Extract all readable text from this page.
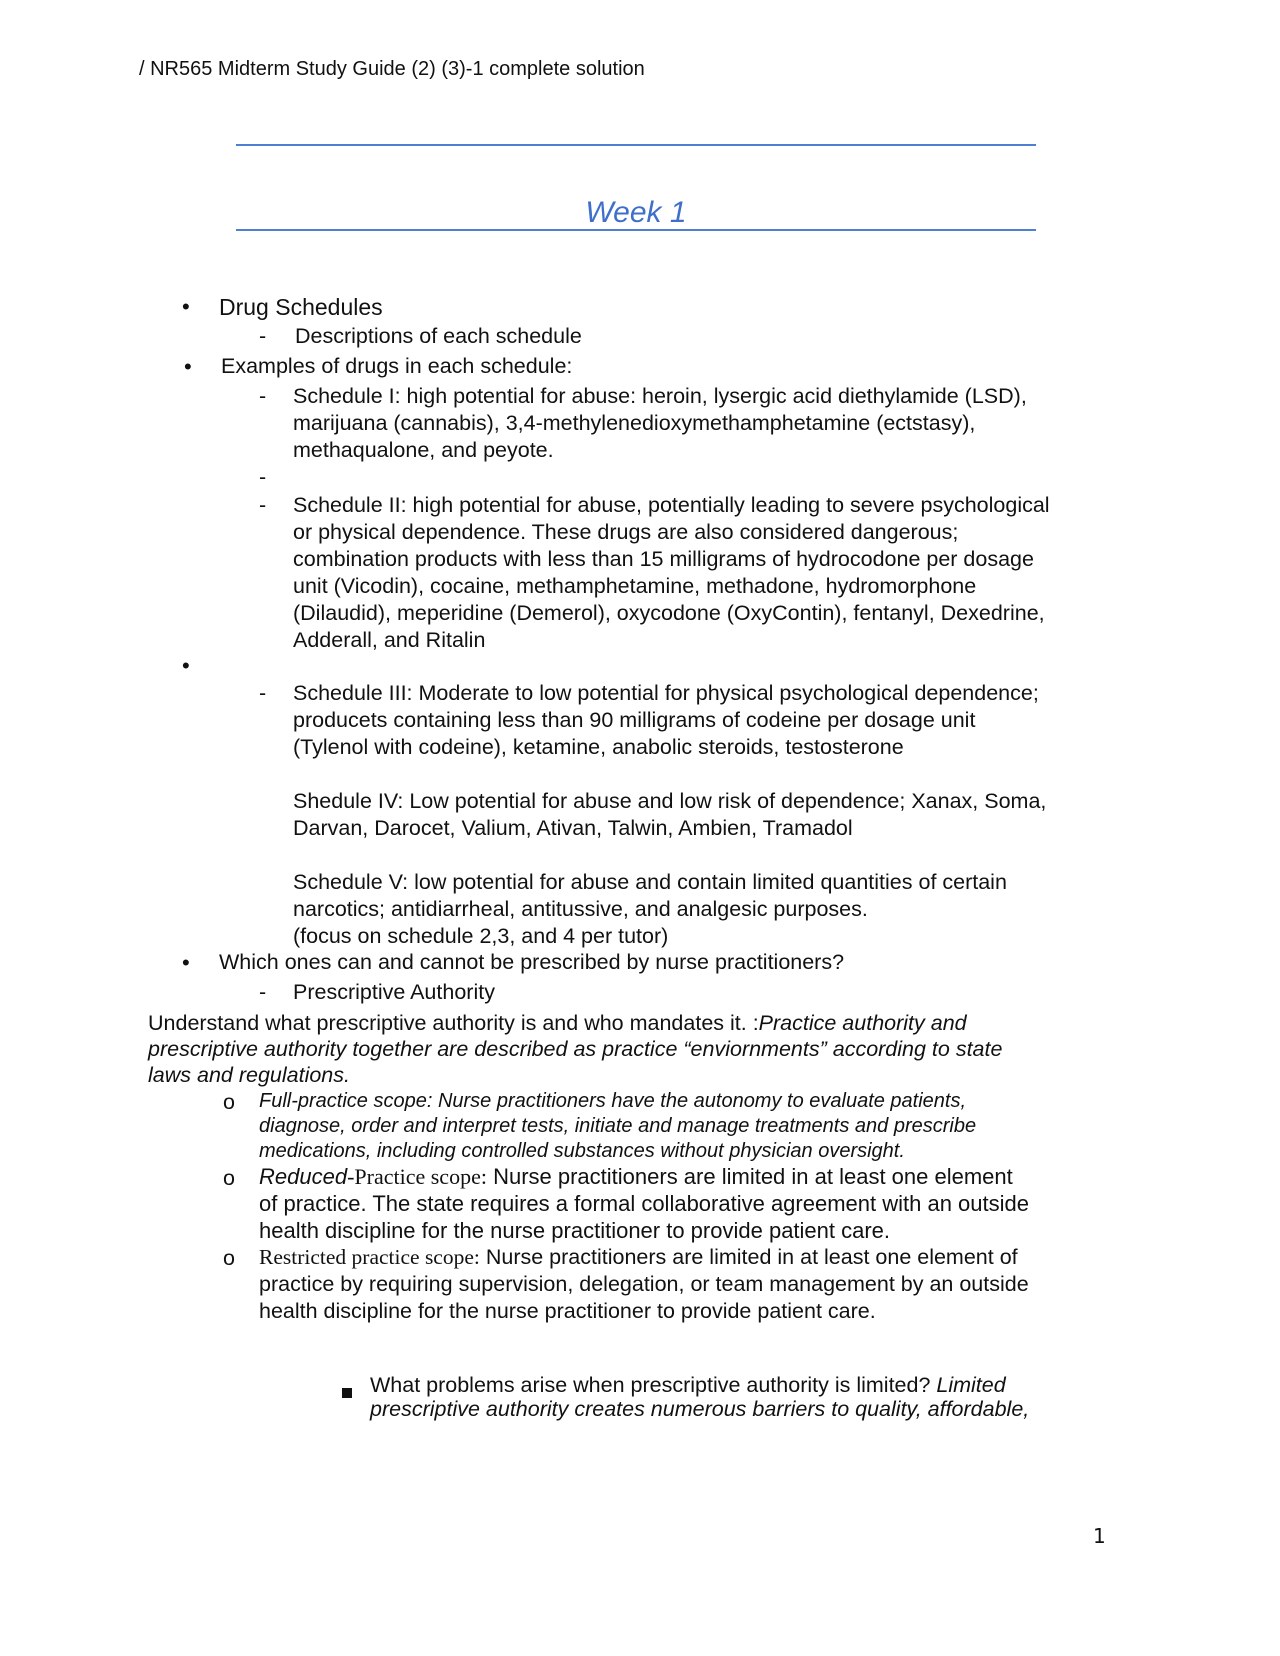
/ NR565 Midterm Study Guide (2) (3)-1 complete solution

Week 1

• Drug Schedules

- Descriptions of each schedule

• Examples of drugs in each schedule:

- Schedule I: high potential for abuse: heroin, lysergic acid diethylamide (LSD),
marijuana (cannabis), 3,4-methylenedioxymethamphetamine (ectstasy),
methaqualone, and peyote.
-
- Schedule II: high potential for abuse, potentially leading to severe psychological
or physical dependence. These drugs are also considered dangerous;
combination products with less than 15 milligrams of hydrocodone per dosage
unit (Vicodin), cocaine, methamphetamine, methadone, hydromorphone
(Dilaudid), meperidine (Demerol), oxycodone (OxyContin), fentanyl, Dexedrine,
Adderall, and Ritalin
•
- Schedule III: Moderate to low potential for physical psychological dependence;
producets containing less than 90 milligrams of codeine per dosage unit
(Tylenol with codeine), ketamine, anabolic steroids, testosterone
Shedule IV: Low potential for abuse and low risk of dependence; Xanax, Soma,
Darvan, Darocet, Valium, Ativan, Talwin, Ambien, Tramadol
Schedule V: low potential for abuse and contain limited quantities of certain
narcotics; antidiarrheal, antitussive, and analgesic purposes.
(focus on schedule 2,3, and 4 per tutor)
• Which ones can and cannot be prescribed by nurse practitioners?

- Prescriptive Authority

Understand what prescriptive authority is and who mandates it. :Practice authority and
prescriptive authority together are described as practice “enviornments” according to state
laws and regulations.
o Full-practice scope: Nurse practitioners have the autonomy to evaluate patients,
diagnose, order and interpret tests, initiate and manage treatments and prescribe
medications, including controlled substances without physician oversight.
o Reduced-Practice scope: Nurse practitioners are limited in at least one element
of practice. The state requires a formal collaborative agreement with an outside
health discipline for the nurse practitioner to provide patient care.
o Restricted practice scope: Nurse practitioners are limited in at least one element of
practice by requiring supervision, delegation, or team management by an outside
health discipline for the nurse practitioner to provide patient care.
What problems arise when prescriptive authority is limited? Limited
prescriptive authority creates numerous barriers to quality, affordable,

1
